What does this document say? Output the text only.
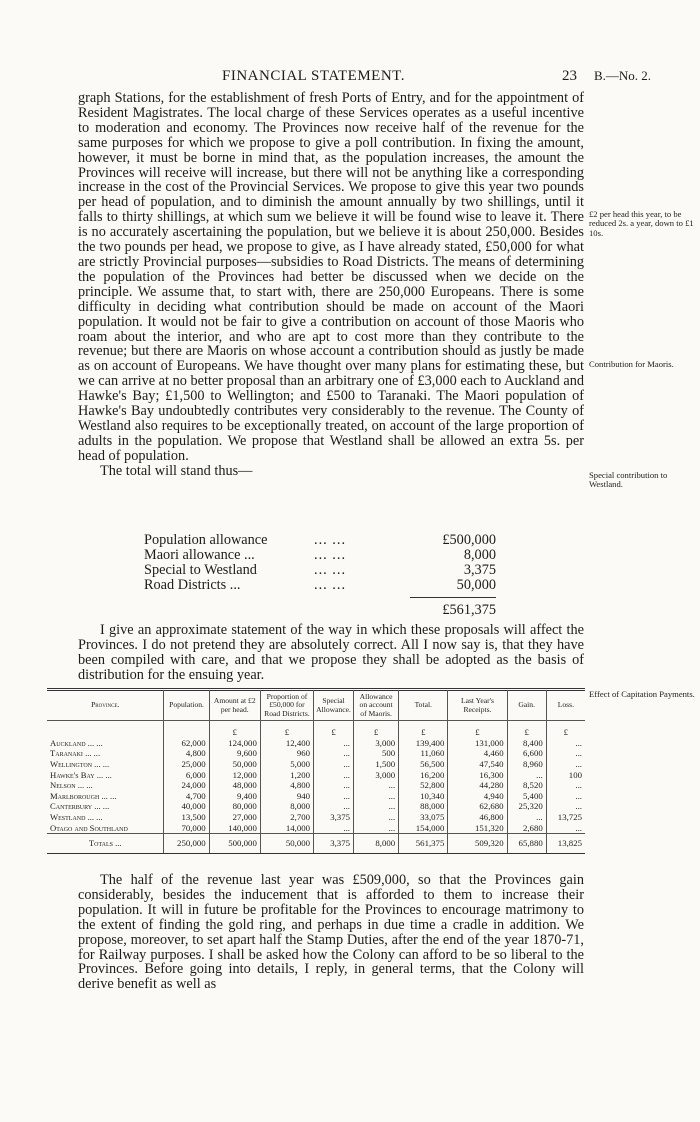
FINANCIAL STATEMENT.	23 B.—No. 2.

graph Stations, for the establishment of fresh Ports of Entry, and for the appointment of Resident Magistrates. The local charge of these Services operates as a useful incentive to moderation and economy. The Provinces now receive half of the revenue for the same purposes for which we propose to give a poll contribution. In fixing the amount, however, it must be borne in mind that, as the population increases, the amount the Provinces will receive will increase, but there will not be anything like a corresponding increase in the cost of the Provincial Services. We propose to give this year two pounds per head of population, and to diminish the amount annually by two shillings, until it falls to thirty shillings, at which sum we believe it will be found wise to leave it. There is no accurately ascertaining the population, but we believe it is about 250,000. Besides the two pounds per head, we propose to give, as I have already stated, £50,000 for what are strictly Provincial purposes—subsidies to Road Districts. The means of determining the population of the Provinces had better be discussed when we decide on the principle. We assume that, to start with, there are 250,000 Europeans. There is some difficulty in deciding what contribution should be made on account of the Maori population. It would not be fair to give a contribution on account of those Maoris who roam about the interior, and who are apt to cost more than they contribute to the revenue; but there are Maoris on whose account a contribution should as justly be made as on account of Europeans. We have thought over many plans for estimating these, but we can arrive at no better proposal than an arbitrary one of £3,000 each to Auckland and Hawke's Bay; £1,500 to Wellington; and £500 to Taranaki. The Maori population of Hawke's Bay undoubtedly contributes very considerably to the revenue. The County of Westland also requires to be exceptionally treated, on account of the large proportion of adults in the population. We propose that Westland shall be allowed an extra 5s. per head of population.

The total will stand thus—

£2 per head this year, to be reduced 2s. a year, down to £1 10s.
Contribution for Maoris.
Special contribution to Westland.
Population allowance	... ...	£500,000
Maori allowance ...	... ...	8,000
Special to Westland	... ...	3,375
Road Districts ...	... ...	50,000
£561,375

I give an approximate statement of the way in which these proposals will affect the Provinces. I do not pretend they are absolutely correct. All I now say is, that they have been compiled with care, and that we propose they shall be adopted as the basis of distribution for the ensuing year.

Effect of Capitation Payments.
Province.	Population.	Amount at £2 per head.	Proportion of £50,000 for Road Districts.	Special Allowance.	Allowance on account of Maoris.	Total.	Last Year's Receipts.	Gain.	Loss.
		£	£	£	£	£	£	£	£
Auckland ... ...	62,000	124,000	12,400	...	3,000	139,400	131,000	8,400	...
Taranaki ... ...	4,800	9,600	960	...	500	11,060	4,460	6,600	...
Wellington ... ...	25,000	50,000	5,000	...	1,500	56,500	47,540	8,960	...
Hawke's Bay ... ...	6,000	12,000	1,200	...	3,000	16,200	16,300	...	100
Nelson ... ...	24,000	48,000	4,800	...	...	52,800	44,280	8,520	...
Marlborough ... ...	4,700	9,400	940	...	...	10,340	4,940	5,400	...
Canterbury ... ...	40,000	80,000	8,000	...	...	88,000	62,680	25,320	...
Westland ... ...	13,500	27,000	2,700	3,375	...	33,075	46,800	...	13,725
Otago and Southland	70,000	140,000	14,000	...	...	154,000	151,320	2,680	...
Totals ...	250,000	500,000	50,000	3,375	8,000	561,375	509,320	65,880	13,825

The half of the revenue last year was £509,000, so that the Provinces gain considerably, besides the inducement that is afforded to them to increase their population. It will in future be profitable for the Provinces to encourage matrimony to the extent of finding the gold ring, and perhaps in due time a cradle in addition. We propose, moreover, to set apart half the Stamp Duties, after the end of the year 1870-71, for Railway purposes. I shall be asked how the Colony can afford to be so liberal to the Provinces. Before going into details, I reply, in general terms, that the Colony will derive benefit as well as
